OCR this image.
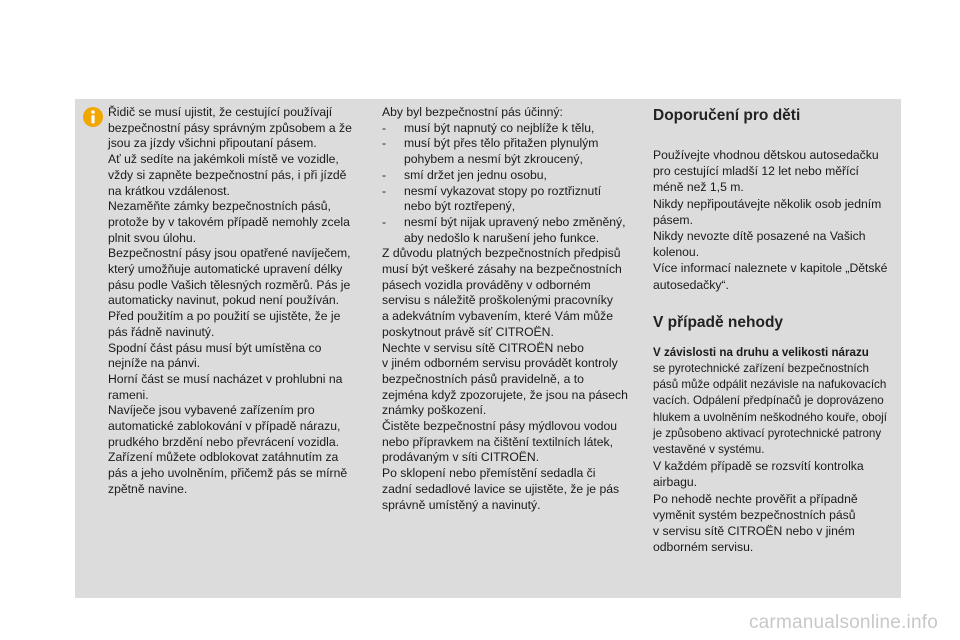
Řidič se musí ujistit, že cestující používají
bezpečnostní pásy správným způsobem a že
jsou za jízdy všichni připoutaní pásem.
Ať už sedíte na jakémkoli místě ve vozidle,
vždy si zapněte bezpečnostní pás, i při jízdě
na krátkou vzdálenost.
Nezaměňte zámky bezpečnostních pásů,
protože by v takovém případě nemohly zcela
plnit svou úlohu.
Bezpečnostní pásy jsou opatřené navíječem,
který umožňuje automatické upravení délky
pásu podle Vašich tělesných rozměrů. Pás je
automaticky navinut, pokud není používán.
Před použitím a po použití se ujistěte, že je
pás řádně navinutý.
Spodní část pásu musí být umístěna co
nejníže na pánvi.
Horní část se musí nacházet v prohlubni na
rameni.
Navíječe jsou vybavené zařízením pro
automatické zablokování v případě nárazu,
prudkého brzdění nebo převrácení vozidla.
Zařízení můžete odblokovat zatáhnutím za
pás a jeho uvolněním, přičemž pás se mírně
zpětně navine.
Aby byl bezpečnostní pás účinný:
-	musí být napnutý co nejblíže k tělu,
-	musí být přes tělo přitažen plynulým
pohybem a nesmí být zkroucený,
-	smí držet jen jednu osobu,
-	nesmí vykazovat stopy po roztřiznutí
nebo být roztřepený,
-	nesmí být nijak upravený nebo změněný,
aby nedošlo k narušení jeho funkce.
Z důvodu platných bezpečnostních předpisů
musí být veškeré zásahy na bezpečnostních
pásech vozidla prováděny v odborném
servisu s náležitě proškolenými pracovníky
a adekvátním vybavením, které Vám může
poskytnout právě síť CITROËN.
Nechte v servisu sítě CITROËN nebo
v jiném odborném servisu provádět kontroly
bezpečnostních pásů pravidelně, a to
zejména když zpozorujete, že jsou na pásech
známky poškození.
Čistěte bezpečnostní pásy mýdlovou vodou
nebo přípravkem na čištění textilních látek,
prodávaným v síti CITROËN.
Po sklopení nebo přemístění sedadla či
zadní sedadlové lavice se ujistěte, že je pás
správně umístěný a navinutý.
Doporučení pro děti
Používejte vhodnou dětskou autosedačku
pro cestující mladší 12 let nebo měřící
méně než 1,5 m.
Nikdy nepřipoutávejte několik osob jedním
pásem.
Nikdy nevozte dítě posazené na Vašich
kolenou.
Více informací naleznete v kapitole „Dětské
autosedačky“.
V případě nehody
V závislosti na druhu a velikosti nárazu
se pyrotechnické zařízení bezpečnostních
pásů může odpálit nezávisle na nafukovacích
vacích. Odpálení předpínačů je doprovázeno
hlukem a uvolněním neškodného kouře, obojí
je způsobeno aktivací pyrotechnické patrony
vestavěné v systému.
V každém případě se rozsvítí kontrolka
airbagu.
Po nehodě nechte prověřit a případně
vyměnit systém bezpečnostních pásů
v servisu sítě CITROËN nebo v jiném
odborném servisu.
carmanualsonline.info
